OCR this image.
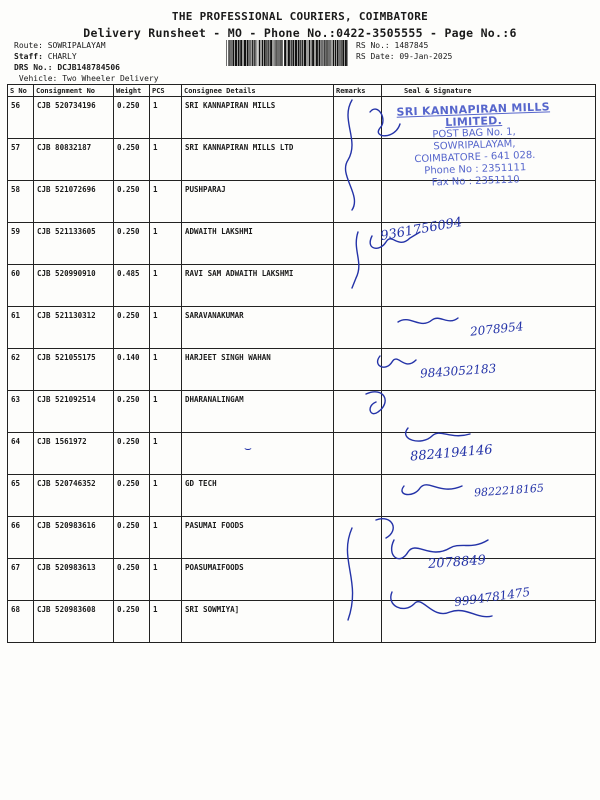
THE PROFESSIONAL COURIERS, COIMBATORE
Delivery Runsheet - MO - Phone No.:0422-3505555 - Page No.:6
Route: SOWRIPALAYAM
Staff: CHARLY
DRS No.: DCJB148784506
Vehicle: Two Wheeler Delivery
RS No.: 1487845
RS Date: 09-Jan-2025
S No	Consignment No	Weight	PCS	Consignee Details	Remarks	Seal & Signature
56	CJB 520734196	0.250	1	SRI KANNAPIRAN MILLS		
57	CJB 80832187	0.250	1	SRI KANNAPIRAN MILLS LTD		
58	CJB 521072696	0.250	1	PUSHPARAJ		
59	CJB 521133605	0.250	1	ADWAITH LAKSHMI		
60	CJB 520990910	0.485	1	RAVI SAM ADWAITH LAKSHMI		
61	CJB 521130312	0.250	1	SARAVANAKUMAR		
62	CJB 521055175	0.140	1	HARJEET SINGH WAHAN		
63	CJB 521092514	0.250	1	DHARANALINGAM		
64	CJB 1561972	0.250	1			
65	CJB 520746352	0.250	1	GD TECH		
66	CJB 520983616	0.250	1	PASUMAI FOODS		
67	CJB 520983613	0.250	1	POASUMAIFOODS		
68	CJB 520983608	0.250	1	SRI SOWMIYA]		
SRI KANNAPIRAN MILLS LIMITED.
POST BAG No. 1,
SOWRIPALAYAM,
COIMBATORE - 641 028.
Phone No : 2351111
Fax No : 2351110
9361756094
2078954
9843052183
8824194146
9822218165
2078849
9994781475
⌣
